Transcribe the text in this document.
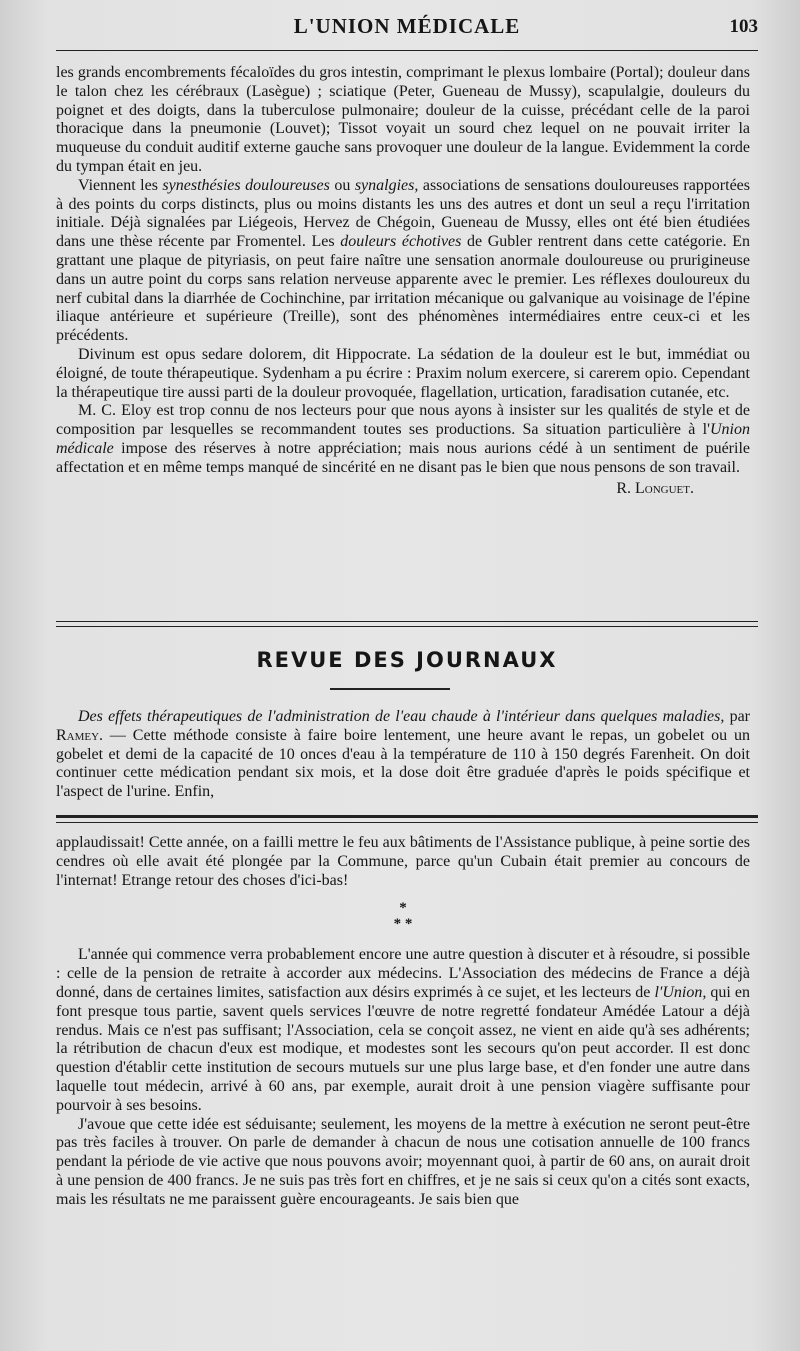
L'UNION MÉDICALE	103

les grands encombrements fécaloïdes du gros intestin, comprimant le plexus lombaire (Portal); douleur dans le talon chez les cérébraux (Lasègue) ; sciatique (Peter, Gueneau de Mussy), scapulalgie, douleurs du poignet et des doigts, dans la tuberculose pulmonaire; douleur de la cuisse, précédant celle de la paroi thoracique dans la pneumonie (Louvet); Tissot voyait un sourd chez lequel on ne pouvait irriter la muqueuse du conduit auditif externe gauche sans provoquer une douleur de la langue. Evidemment la corde du tympan était en jeu.

Viennent les synesthésies douloureuses ou synalgies, associations de sensations douloureuses rapportées à des points du corps distincts, plus ou moins distants les uns des autres et dont un seul a reçu l'irritation initiale. Déjà signalées par Liégeois, Hervez de Chégoin, Gueneau de Mussy, elles ont été bien étudiées dans une thèse récente par Fromentel. Les douleurs échotives de Gubler rentrent dans cette catégorie. En grattant une plaque de pityriasis, on peut faire naître une sensation anormale douloureuse ou prurigineuse dans un autre point du corps sans relation nerveuse apparente avec le premier. Les réflexes douloureux du nerf cubital dans la diarrhée de Cochinchine, par irritation mécanique ou galvanique au voisinage de l'épine iliaque antérieure et supérieure (Treille), sont des phénomènes intermédiaires entre ceux-ci et les précédents.

Divinum est opus sedare dolorem, dit Hippocrate. La sédation de la douleur est le but, immédiat ou éloigné, de toute thérapeutique. Sydenham a pu écrire : Praxim nolum exercere, si carerem opio. Cependant la thérapeutique tire aussi parti de la douleur provoquée, flagellation, urtication, faradisation cutanée, etc.

M. C. Eloy est trop connu de nos lecteurs pour que nous ayons à insister sur les qualités de style et de composition par lesquelles se recommandent toutes ses productions. Sa situation particulière à l'Union médicale impose des réserves à notre appréciation; mais nous aurions cédé à un sentiment de puérile affectation et en même temps manqué de sincérité en ne disant pas le bien que nous pensons de son travail.

R. Longuet.
REVUE DES JOURNAUX

Des effets thérapeutiques de l'administration de l'eau chaude à l'intérieur dans quelques maladies, par Ramey. — Cette méthode consiste à faire boire lentement, une heure avant le repas, un gobelet ou un gobelet et demi de la capacité de 10 onces d'eau à la température de 110 à 150 degrés Farenheit. On doit continuer cette médication pendant six mois, et la dose doit être graduée d'après le poids spécifique et l'aspect de l'urine. Enfin,

applaudissait! Cette année, on a failli mettre le feu aux bâtiments de l'Assistance publique, à peine sortie des cendres où elle avait été plongée par la Commune, parce qu'un Cubain était premier au concours de l'internat! Etrange retour des choses d'ici-bas!

*
* *

L'année qui commence verra probablement encore une autre question à discuter et à résoudre, si possible : celle de la pension de retraite à accorder aux médecins. L'Association des médecins de France a déjà donné, dans de certaines limites, satisfaction aux désirs exprimés à ce sujet, et les lecteurs de l'Union, qui en font presque tous partie, savent quels services l'œuvre de notre regretté fondateur Amédée Latour a déjà rendus. Mais ce n'est pas suffisant; l'Association, cela se conçoit assez, ne vient en aide qu'à ses adhérents; la rétribution de chacun d'eux est modique, et modestes sont les secours qu'on peut accorder. Il est donc question d'établir cette institution de secours mutuels sur une plus large base, et d'en fonder une autre dans laquelle tout médecin, arrivé à 60 ans, par exemple, aurait droit à une pension viagère suffisante pour pourvoir à ses besoins.

J'avoue que cette idée est séduisante; seulement, les moyens de la mettre à exécution ne seront peut-être pas très faciles à trouver. On parle de demander à chacun de nous une cotisation annuelle de 100 francs pendant la période de vie active que nous pouvons avoir; moyennant quoi, à partir de 60 ans, on aurait droit à une pension de 400 francs. Je ne suis pas très fort en chiffres, et je ne sais si ceux qu'on a cités sont exacts, mais les résultats ne me paraissent guère encourageants. Je sais bien que
